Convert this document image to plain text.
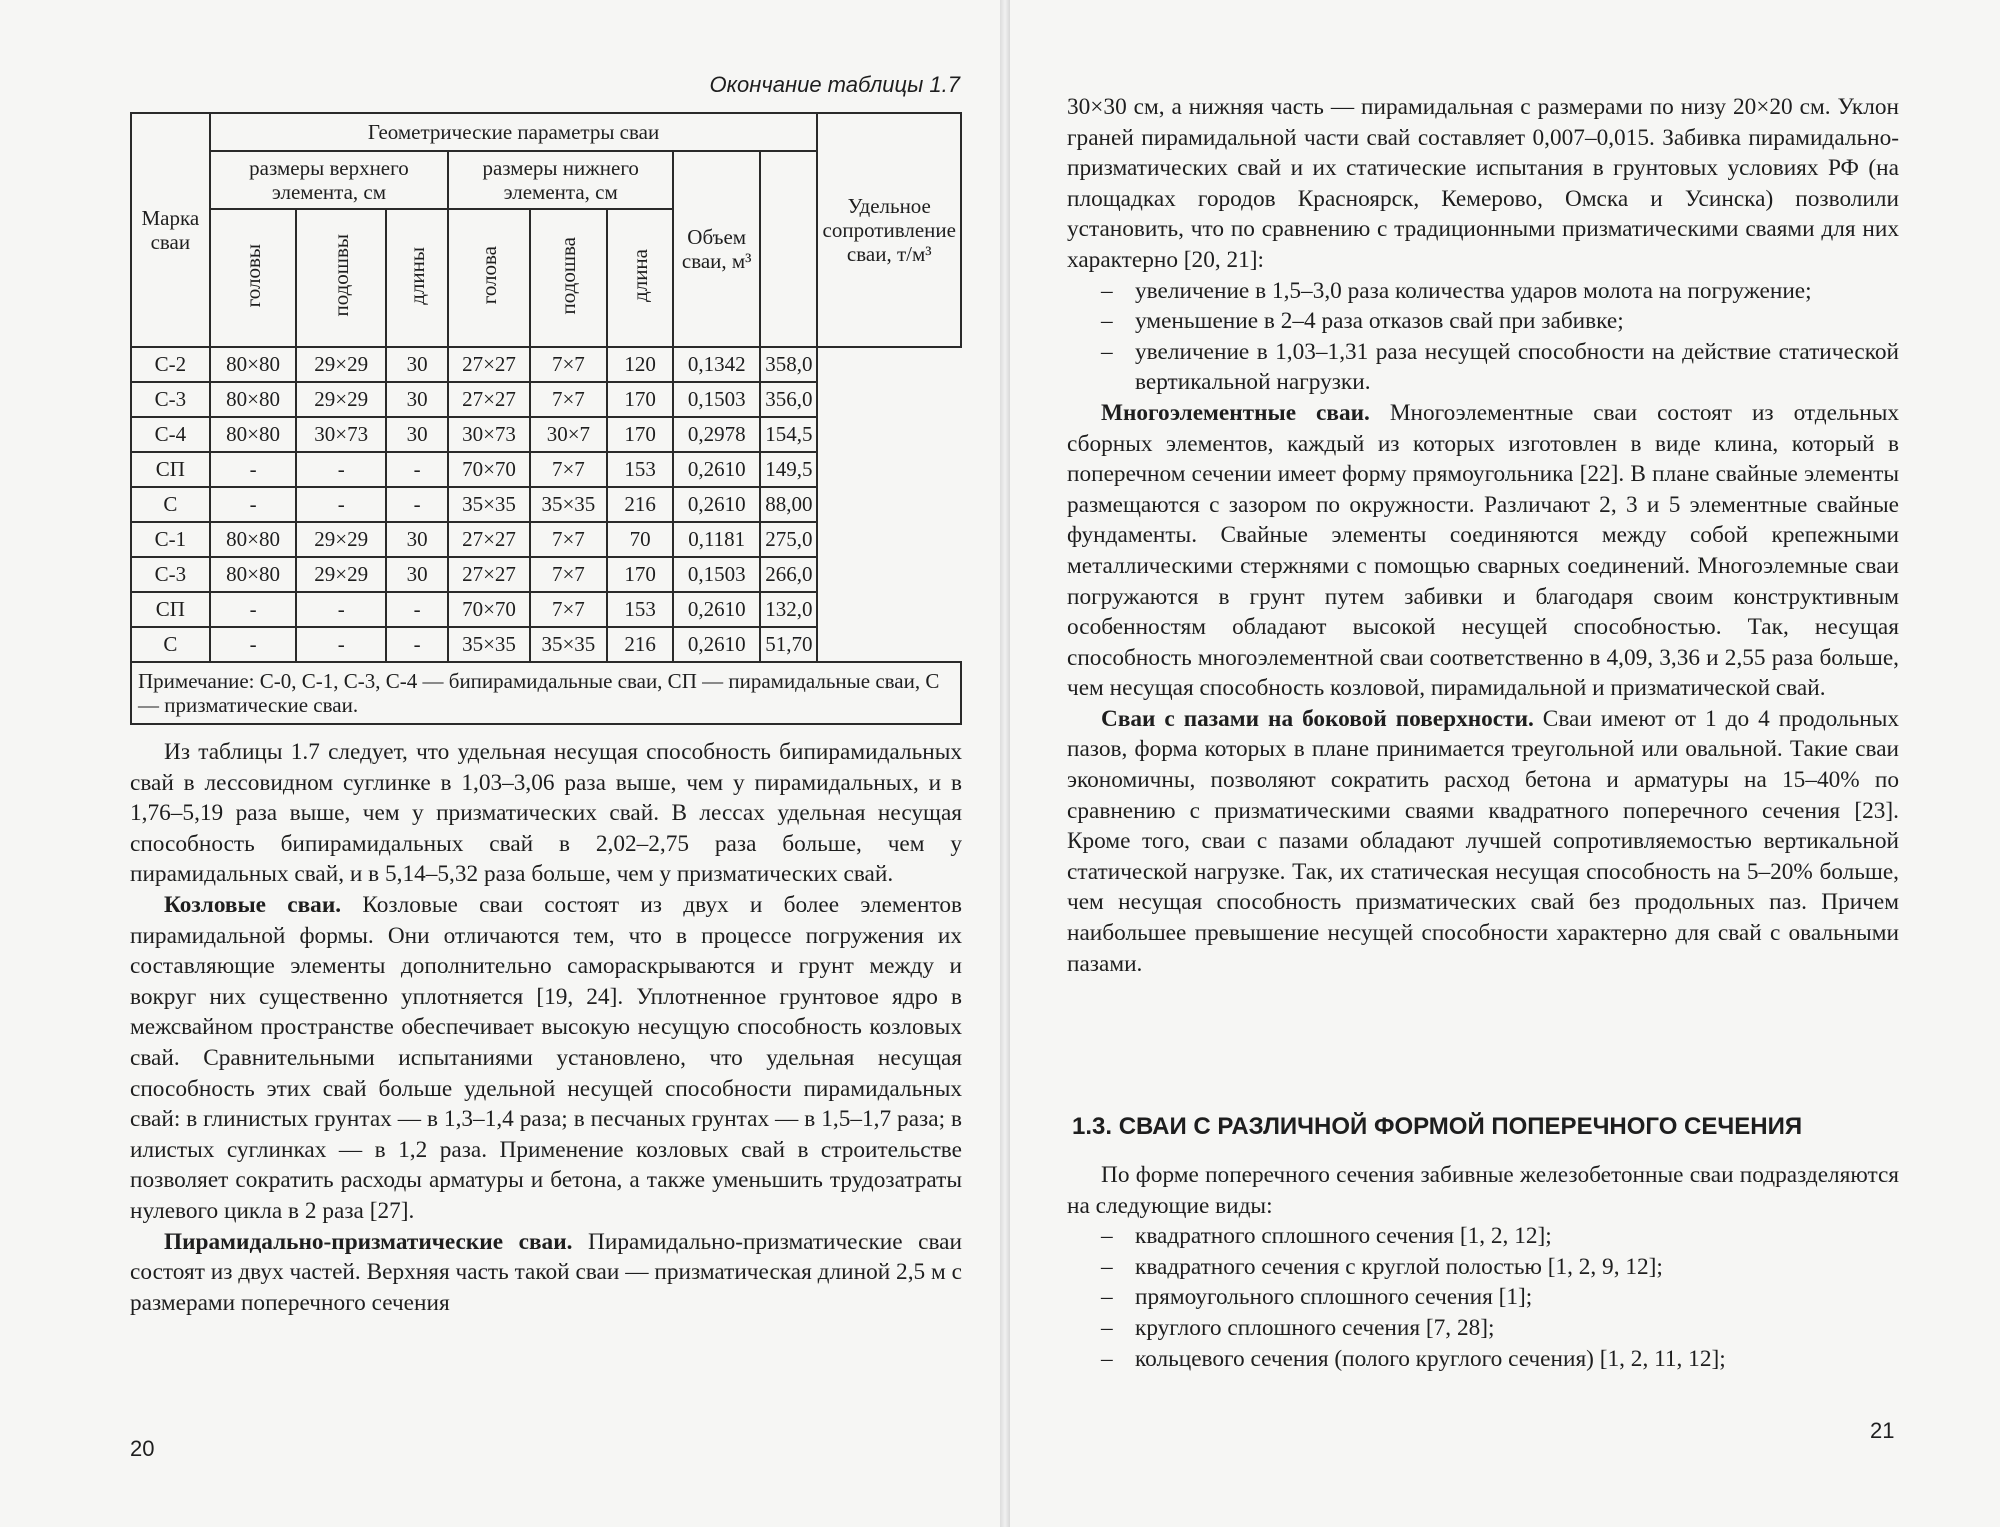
Окончание таблицы 1.7
Марка сваи	Геометрические параметры сваи								Удельное сопротивление сваи, т/м³
	размеры верхнего элемента, см			размеры нижнего элемента, см			Объем сваи, м³		
	головы	подошвы	длины	голова	подошва	длина			
С-2	80×80	29×29	30	27×27	7×7	120	0,1342	358,0	
С-3	80×80	29×29	30	27×27	7×7	170	0,1503	356,0	
С-4	80×80	30×73	30	30×73	30×7	170	0,2978	154,5	
СП	-	-	-	70×70	7×7	153	0,2610	149,5	
С	-	-	-	35×35	35×35	216	0,2610	88,00	
С-1	80×80	29×29	30	27×27	7×7	70	0,1181	275,0	
С-3	80×80	29×29	30	27×27	7×7	170	0,1503	266,0	
СП	-	-	-	70×70	7×7	153	0,2610	132,0	
С	-	-	-	35×35	35×35	216	0,2610	51,70	
Примечание: С-0, С-1, С-3, С-4 — бипирамидальные сваи, СП — пирамидальные сваи, С — призматические сваи.									

Из таблицы 1.7 следует, что удельная несущая способность бипирамидальных свай в лессовидном суглинке в 1,03–3,06 раза выше, чем у пирамидальных, и в 1,76–5,19 раза выше, чем у призматических свай. В лессах удельная несущая способность бипирамидальных свай в 2,02–2,75 раза больше, чем у пирамидальных свай, и в 5,14–5,32 раза больше, чем у призматических свай.

Козловые сваи. Козловые сваи состоят из двух и более элементов пирамидальной формы. Они отличаются тем, что в процессе погружения их составляющие элементы дополнительно самораскрываются и грунт между и вокруг них существенно уплотняется [19, 24]. Уплотненное грунтовое ядро в межсвайном пространстве обеспечивает высокую несущую способность козловых свай. Сравнительными испытаниями установлено, что удельная несущая способность этих свай больше удельной несущей способности пирамидальных свай: в глинистых грунтах — в 1,3–1,4 раза; в песчаных грунтах — в 1,5–1,7 раза; в илистых суглинках — в 1,2 раза. Применение козловых свай в строительстве позволяет сократить расходы арматуры и бетона, а также уменьшить трудозатраты нулевого цикла в 2 раза [27].

Пирамидально-призматические сваи. Пирамидально-призматические сваи состоят из двух частей. Верхняя часть такой сваи — призматическая длиной 2,5 м с размерами поперечного сечения

20

30×30 см, а нижняя часть — пирамидальная с размерами по низу 20×20 см. Уклон граней пирамидальной части свай составляет 0,007–0,015. Забивка пирамидально-призматических свай и их статические испытания в грунтовых условиях РФ (на площадках городов Красноярск, Кемерово, Омска и Усинска) позволили установить, что по сравнению с традиционными призматическими сваями для них характерно [20, 21]:

– увеличение в 1,5–3,0 раза количества ударов молота на погружение;
– уменьшение в 2–4 раза отказов свай при забивке;
– увеличение в 1,03–1,31 раза несущей способности на действие статической вертикальной нагрузки.

Многоэлементные сваи. Многоэлементные сваи состоят из отдельных сборных элементов, каждый из которых изготовлен в виде клина, который в поперечном сечении имеет форму прямоугольника [22]. В плане свайные элементы размещаются с зазором по окружности. Различают 2, 3 и 5 элементные свайные фундаменты. Свайные элементы соединяются между собой крепежными металлическими стержнями с помощью сварных соединений. Многоэлемные сваи погружаются в грунт путем забивки и благодаря своим конструктивным особенностям обладают высокой несущей способностью. Так, несущая способность многоэлементной сваи соответственно в 4,09, 3,36 и 2,55 раза больше, чем несущая способность козловой, пирамидальной и призматической свай.

Сваи с пазами на боковой поверхности. Сваи имеют от 1 до 4 продольных пазов, форма которых в плане принимается треугольной или овальной. Такие сваи экономичны, позволяют сократить расход бетона и арматуры на 15–40% по сравнению с призматическими сваями квадратного поперечного сечения [23]. Кроме того, сваи с пазами обладают лучшей сопротивляемостью вертикальной статической нагрузке. Так, их статическая несущая способность на 5–20% больше, чем несущая способность призматических свай без продольных паз. Причем наибольшее превышение несущей способности характерно для свай с овальными пазами.

1.3. СВАИ С РАЗЛИЧНОЙ ФОРМОЙ ПОПЕРЕЧНОГО СЕЧЕНИЯ

По форме поперечного сечения забивные железобетонные сваи подразделяются на следующие виды:

– квадратного сплошного сечения [1, 2, 12];
– квадратного сечения с круглой полостью [1, 2, 9, 12];
– прямоугольного сплошного сечения [1];
– круглого сплошного сечения [7, 28];
– кольцевого сечения (полого круглого сечения) [1, 2, 11, 12];
21
